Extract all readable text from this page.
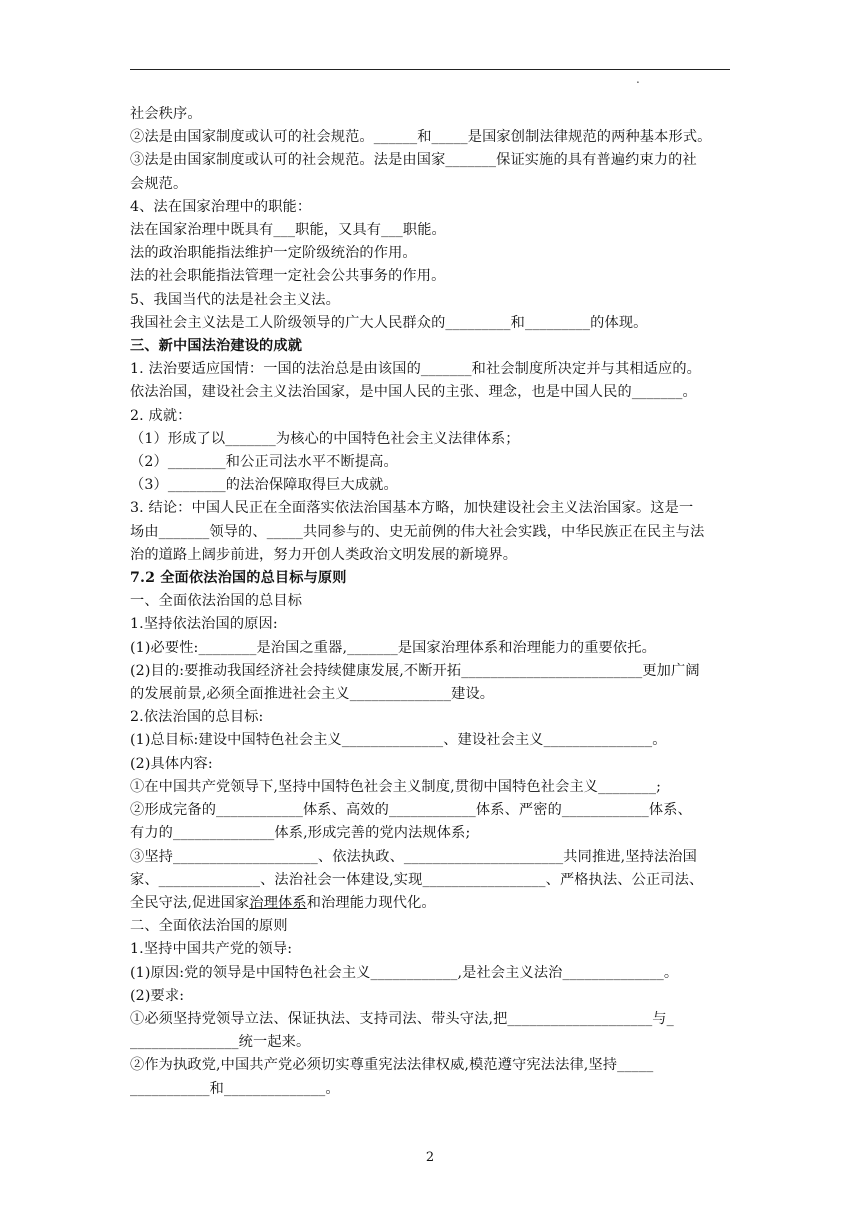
.
社会秩序。
②法是由国家制度或认可的社会规范。______和_____是国家创制法律规范的两种基本形式。
③法是由国家制度或认可的社会规范。法是由国家_______保证实施的具有普遍约束力的社
会规范。
4、法在国家治理中的职能：
法在国家治理中既具有___职能，又具有___职能。
法的政治职能指法维护一定阶级统治的作用。
法的社会职能指法管理一定社会公共事务的作用。
5、我国当代的法是社会主义法。
我国社会主义法是工人阶级领导的广大人民群众的_________和_________的体现。
三、新中国法治建设的成就
1. 法治要适应国情：一国的法治总是由该国的_______和社会制度所决定并与其相适应的。
依法治国，建设社会主义法治国家，是中国人民的主张、理念，也是中国人民的_______。
2. 成就：
（1）形成了以_______为核心的中国特色社会主义法律体系；
（2）________和公正司法水平不断提高。
（3）________的法治保障取得巨大成就。
3. 结论：中国人民正在全面落实依法治国基本方略，加快建设社会主义法治国家。这是一
场由_______领导的、_____共同参与的、史无前例的伟大社会实践，中华民族正在民主与法
治的道路上阔步前进，努力开创人类政治文明发展的新境界。
7.2 全面依法治国的总目标与原则
一、全面依法治国的总目标
1.坚持依法治国的原因:
(1)必要性:________是治国之重器,_______是国家治理体系和治理能力的重要依托。
(2)目的:要推动我国经济社会持续健康发展,不断开拓_________________________更加广阔
的发展前景,必须全面推进社会主义______________建设。
2.依法治国的总目标:
(1)总目标:建设中国特色社会主义______________、建设社会主义_______________。
(2)具体内容:
①在中国共产党领导下,坚持中国特色社会主义制度,贯彻中国特色社会主义________;
②形成完备的____________体系、高效的____________体系、严密的____________体系、
有力的______________体系,形成完善的党内法规体系;
③坚持____________________、依法执政、______________________共同推进,坚持法治国
家、______________、法治社会一体建设,实现_________________、严格执法、公正司法、
全民守法,促进国家治理体系和治理能力现代化。
二、全面依法治国的原则
1.坚持中国共产党的领导:
(1)原因:党的领导是中国特色社会主义____________,是社会主义法治______________。
(2)要求:
①必须坚持党领导立法、保证执法、支持司法、带头守法,把____________________与_
_______________统一起来。
②作为执政党,中国共产党必须切实尊重宪法法律权威,模范遵守宪法法律,坚持_____
___________和______________。
2
